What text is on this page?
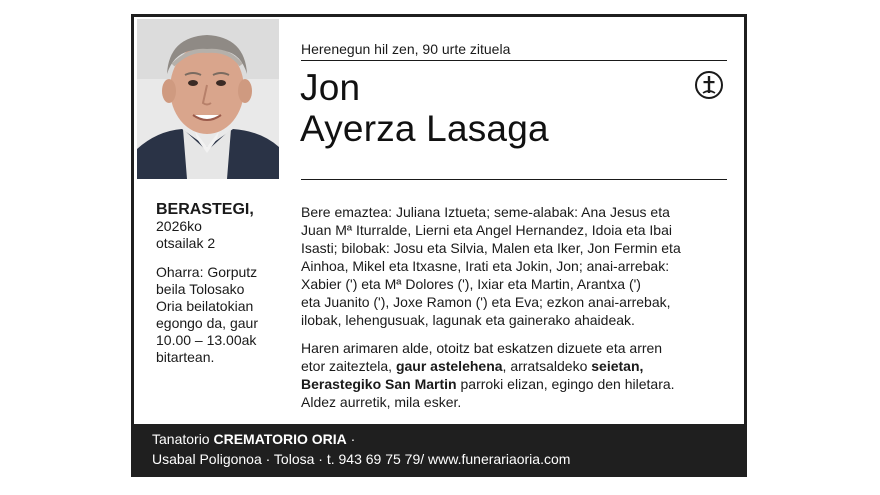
Herenegun hil zen, 90 urte zituela
Jon
Ayerza Lasaga

BERASTEGI,

2026ko

otsailak 2

Oharra: Gorputz

beila Tolosako

Oria beilatokian

egongo da, gaur

10.00 – 13.00ak

bitartean.

Bere emaztea: Juliana Iztueta; seme-alabak: Ana Jesus eta
Juan Mª Iturralde, Lierni eta Angel Hernandez, Idoia eta Ibai
Isasti; bilobak: Josu eta Silvia, Malen eta Iker, Jon Fermin eta
Ainhoa, Mikel eta Itxasne, Irati eta Jokin, Jon; anai-arrebak:
Xabier (') eta Mª Dolores ('), Ixiar eta Martin, Arantxa (')
eta Juanito ('), Joxe Ramon (') eta Eva; ezkon anai-arrebak,
ilobak, lehengusuak, lagunak eta gainerako ahaideak.

Haren arimaren alde, otoitz bat eskatzen dizuete eta arren
etor zaiteztela, gaur astelehena, arratsaldeko seietan,
Berastegiko San Martin parroki elizan, egingo den hiletara.
Aldez aurretik, mila esker.

Tanatorio CREMATORIO ORIA ·
Usabal Poligonoa · Tolosa · t. 943 69 75 79/ www.funerariaoria.com
